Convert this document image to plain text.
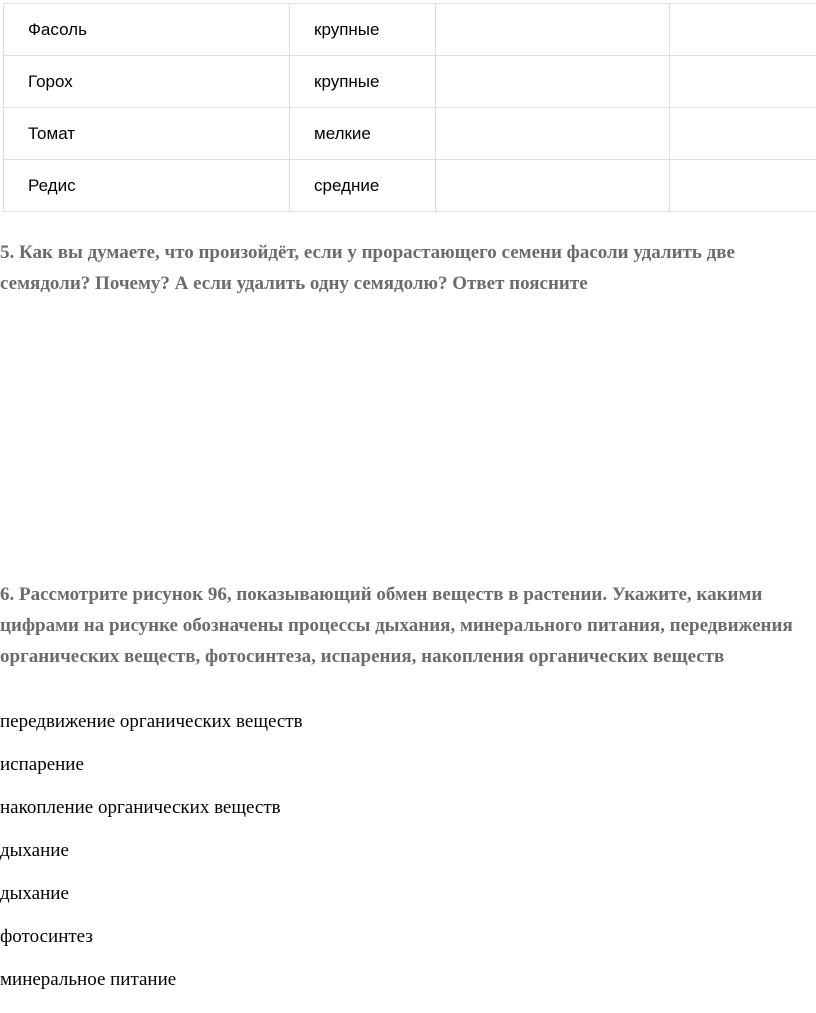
Фасоль	крупные		
Горох	крупные		
Томат	мелкие		
Редис	средние		

5. Как вы думаете, что произойдёт, если у прорастающего семени фасоли удалить две семядоли? Почему? А если удалить одну семядолю? Ответ поясните

6. Рассмотрите рисунок 96, показывающий обмен веществ в растении. Укажите, какими цифрами на рисунке обозначены процессы дыхания, минерального питания, передвижения органических веществ, фотосинтеза, испарения, накопления органических веществ

передвижение органических веществ
испарение
накопление органических веществ
дыхание
дыхание
фотосинтез
минеральное питание
